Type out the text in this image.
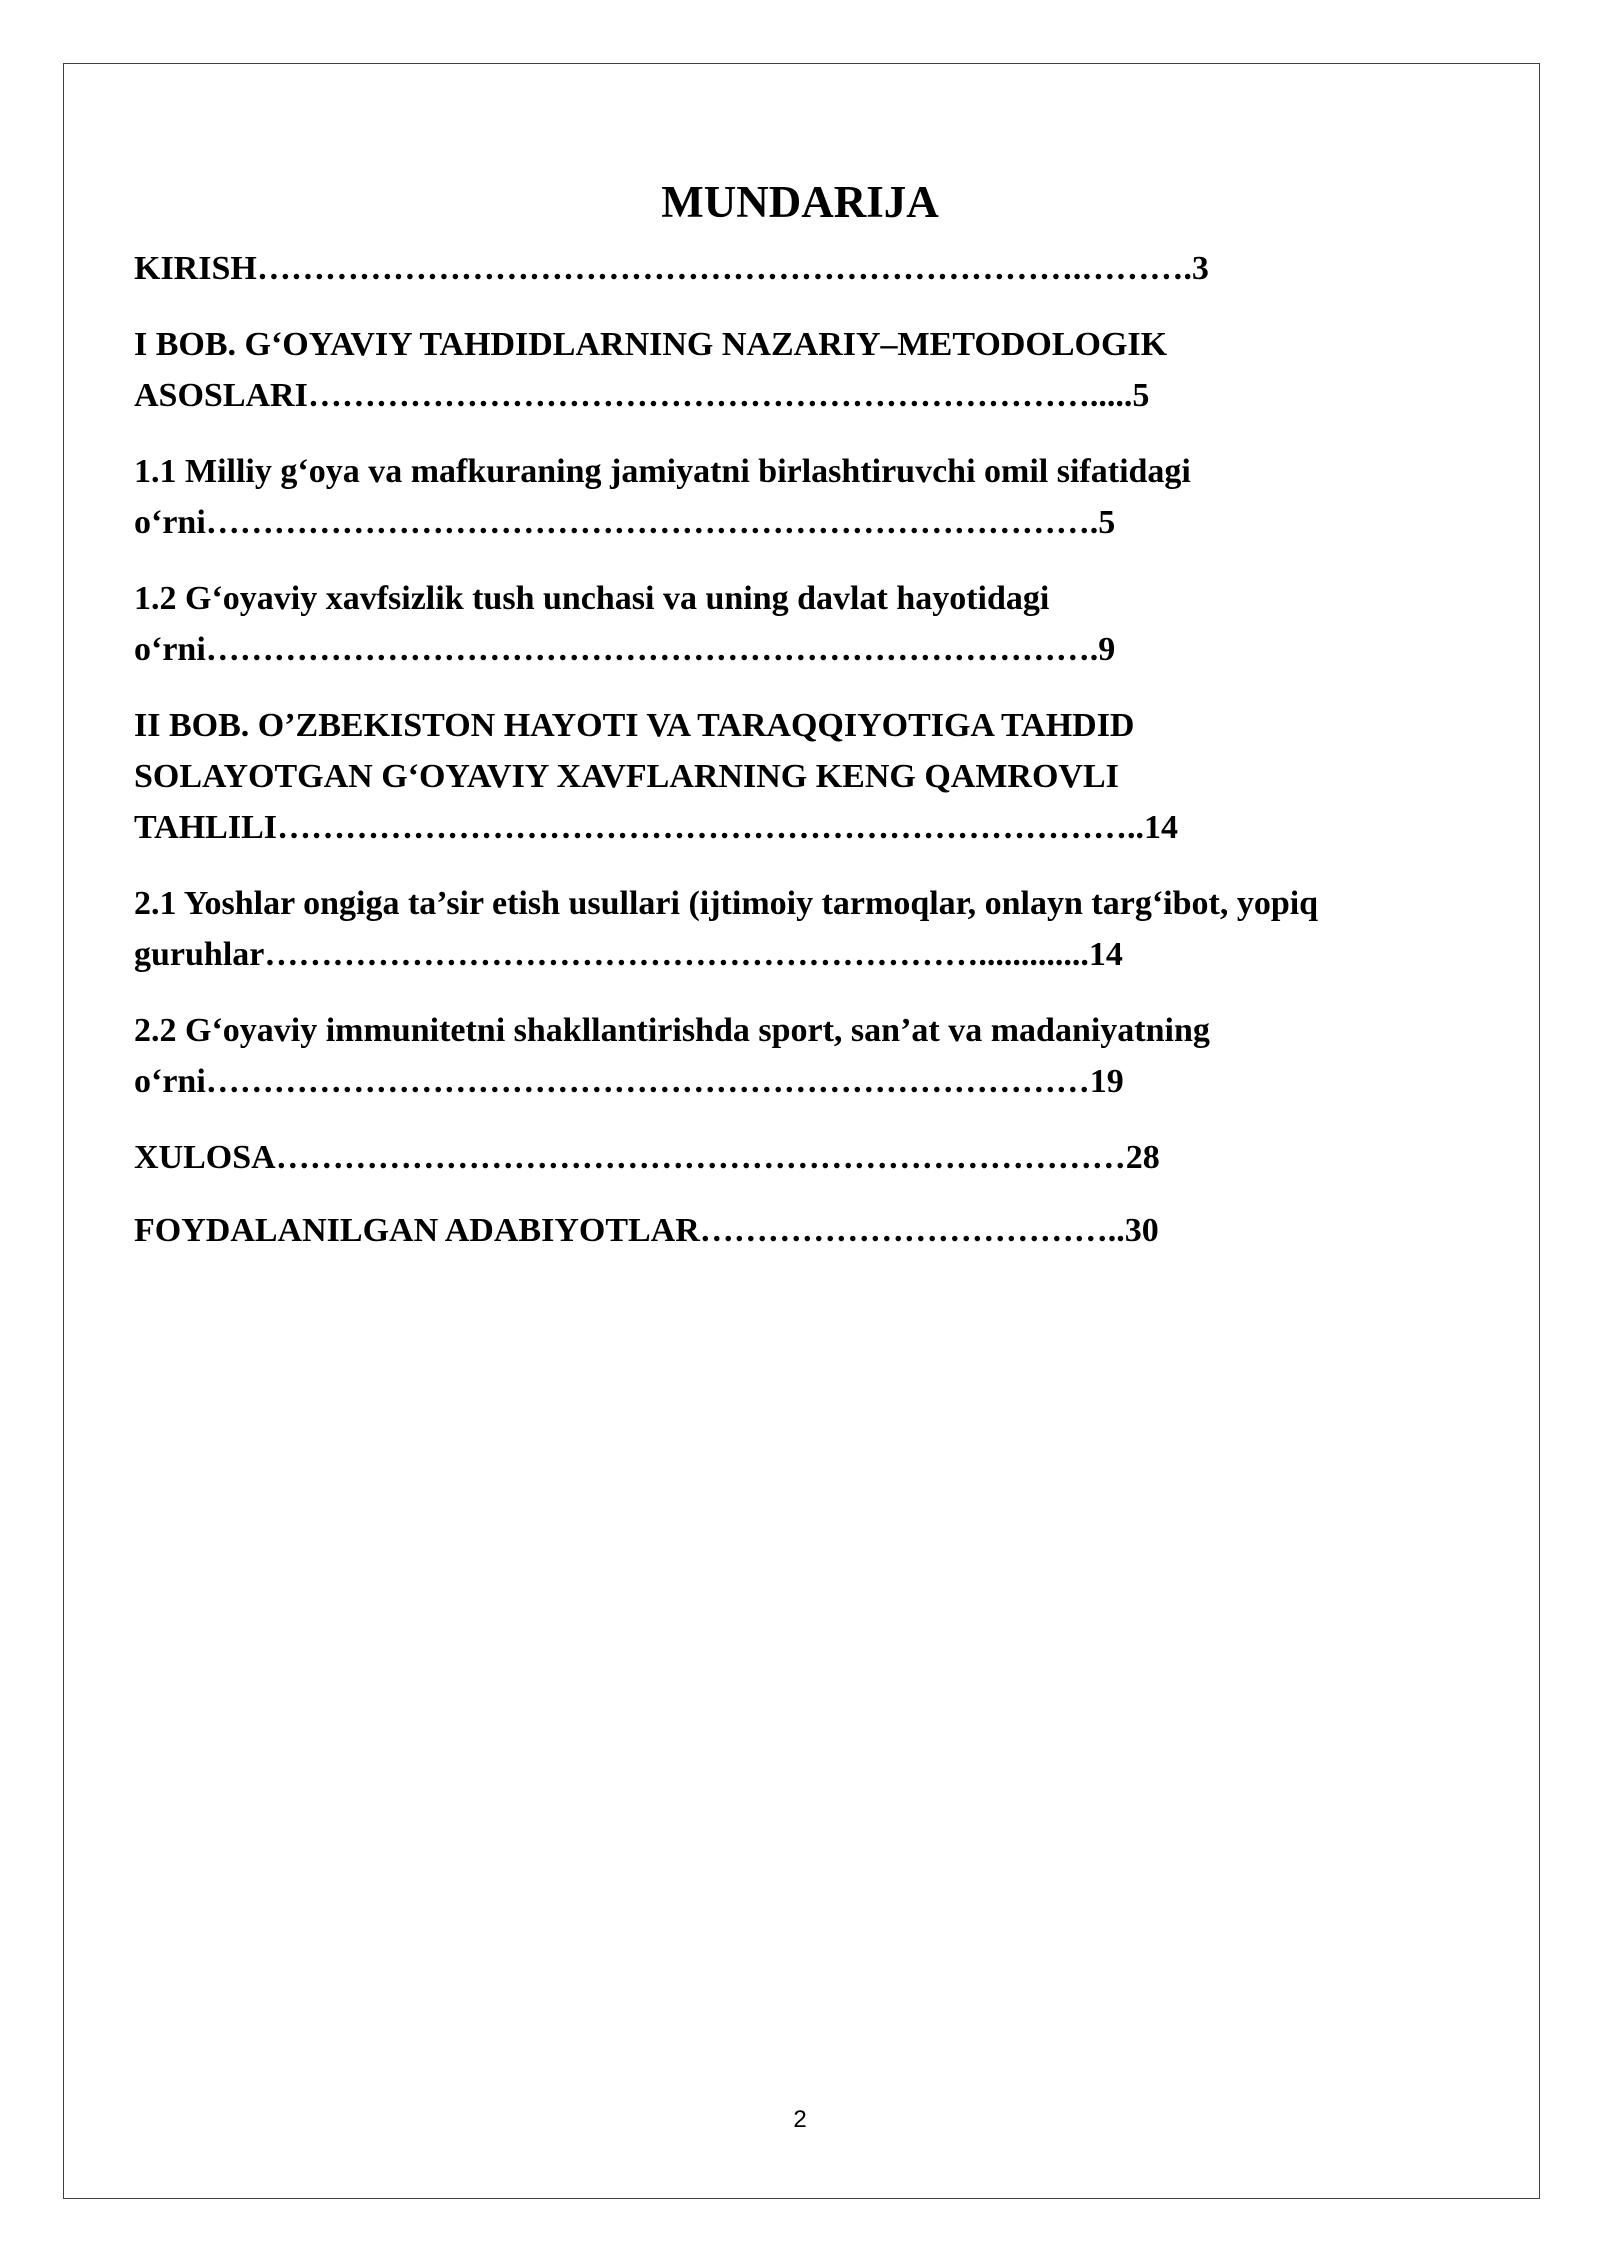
MUNDARIJA

KIRISH……………………………………………………………….……….3

I BOB. G‘OYAVIY TAHDIDLARNING NAZARIY–METODOLOGIK
ASOSLARI…………………………………………………………….....5

1.1 Milliy g‘oya va mafkuraning jamiyatni birlashtiruvchi omil sifatidagi
o‘rni…………………………………………………………………….5

1.2 G‘oyaviy xavfsizlik tush unchasi va uning davlat hayotidagi
o‘rni…………………………………………………………………….9

II BOB. O’ZBEKISTON HAYOTI VA TARAQQIYOTIGA TAHDID
SOLAYOTGAN G‘OYAVIY XAVFLARNING KENG QAMROVLI
TAHLILI…………………………………………………………………..14

2.1 Yoshlar ongiga ta’sir etish usullari (ijtimoiy tarmoqlar, onlayn targ‘ibot, yopiq
guruhlar……………………………………………………….............14

2.2 G‘oyaviy immunitetni shakllantirishda sport, san’at va madaniyatning
o‘rni……………………………………………………………………19

XULOSA…………………………………………………………………28

FOYDALANILGAN ADABIYOTLAR………………………………..30

2
